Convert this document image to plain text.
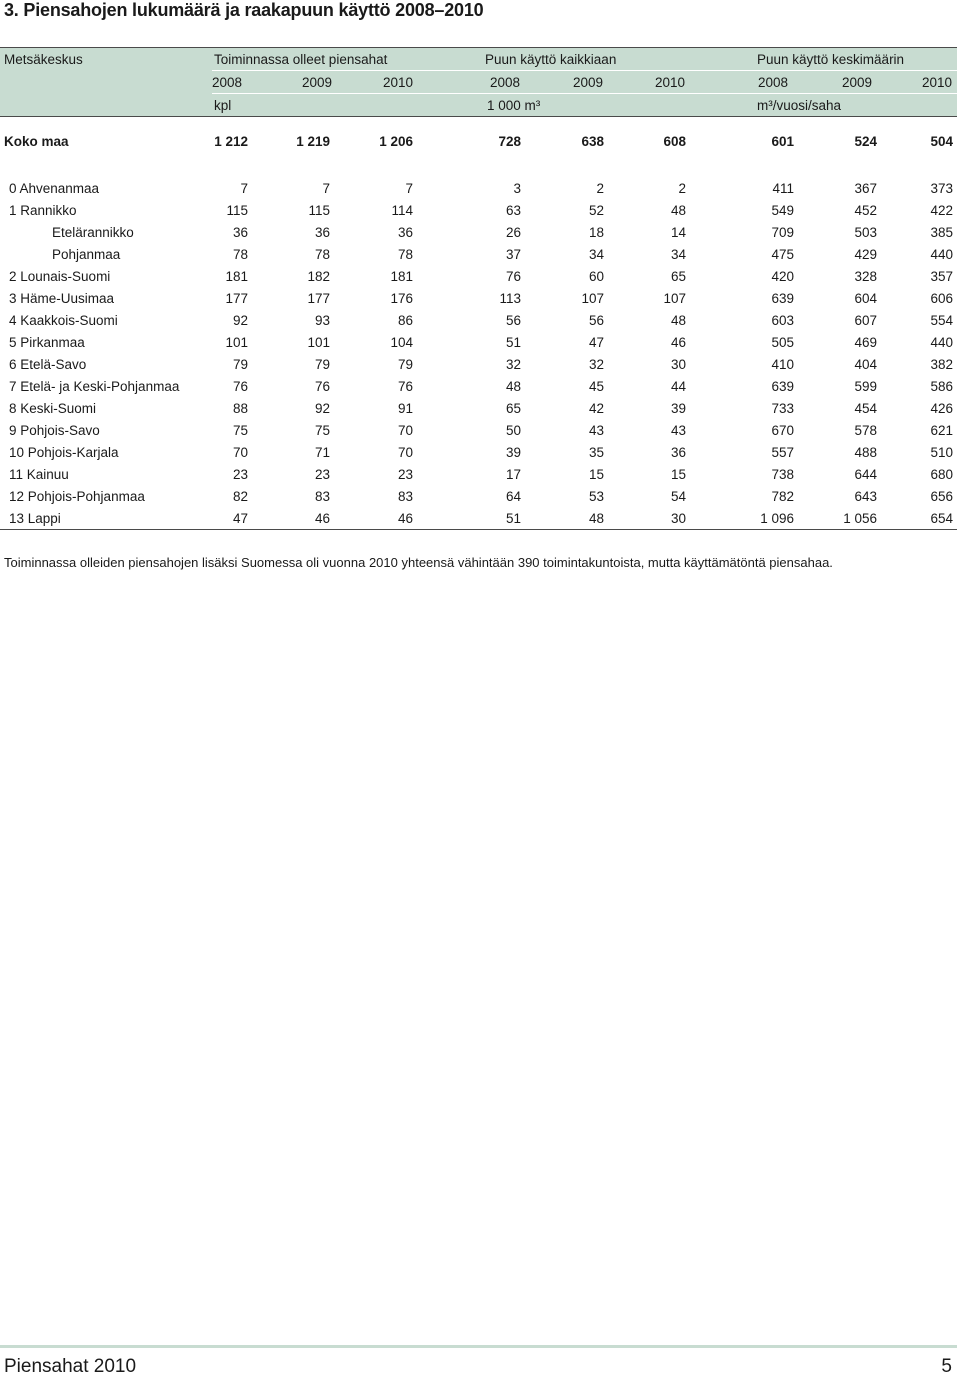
3. Piensahojen lukumäärä ja raakapuun käyttö 2008–2010
Metsäkeskus	Toiminnassa olleet piensahat	Puun käyttö kaikkiaan	Puun käyttö keskimäärin
2008	2009	2010	2008	2009	2010	2008	2009	2010
kpl	1 000 m³	m³/vuosi/saha
Koko maa	1 212	1 219	1 206	728	638	608	601	524	504

0 Ahvenanmaa	7	7	7	3	2	2	411	367	373
1 Rannikko	115	115	114	63	52	48	549	452	422
Etelärannikko	36	36	36	26	18	14	709	503	385
Pohjanmaa	78	78	78	37	34	34	475	429	440
2 Lounais-Suomi	181	182	181	76	60	65	420	328	357
3 Häme-Uusimaa	177	177	176	113	107	107	639	604	606
4 Kaakkois-Suomi	92	93	86	56	56	48	603	607	554
5 Pirkanmaa	101	101	104	51	47	46	505	469	440
6 Etelä-Savo	79	79	79	32	32	30	410	404	382
7 Etelä- ja Keski-Pohjanmaa	76	76	76	48	45	44	639	599	586
8 Keski-Suomi	88	92	91	65	42	39	733	454	426
9 Pohjois-Savo	75	75	70	50	43	43	670	578	621
10 Pohjois-Karjala	70	71	70	39	35	36	557	488	510
11 Kainuu	23	23	23	17	15	15	738	644	680
12 Pohjois-Pohjanmaa	82	83	83	64	53	54	782	643	656
13 Lappi	47	46	46	51	48	30	1 096	1 056	654
Toiminnassa olleiden piensahojen lisäksi Suomessa oli vuonna 2010 yhteensä vähintään 390 toimintakuntoista, mutta käyttämätöntä piensahaa.
Piensahat 2010	5
